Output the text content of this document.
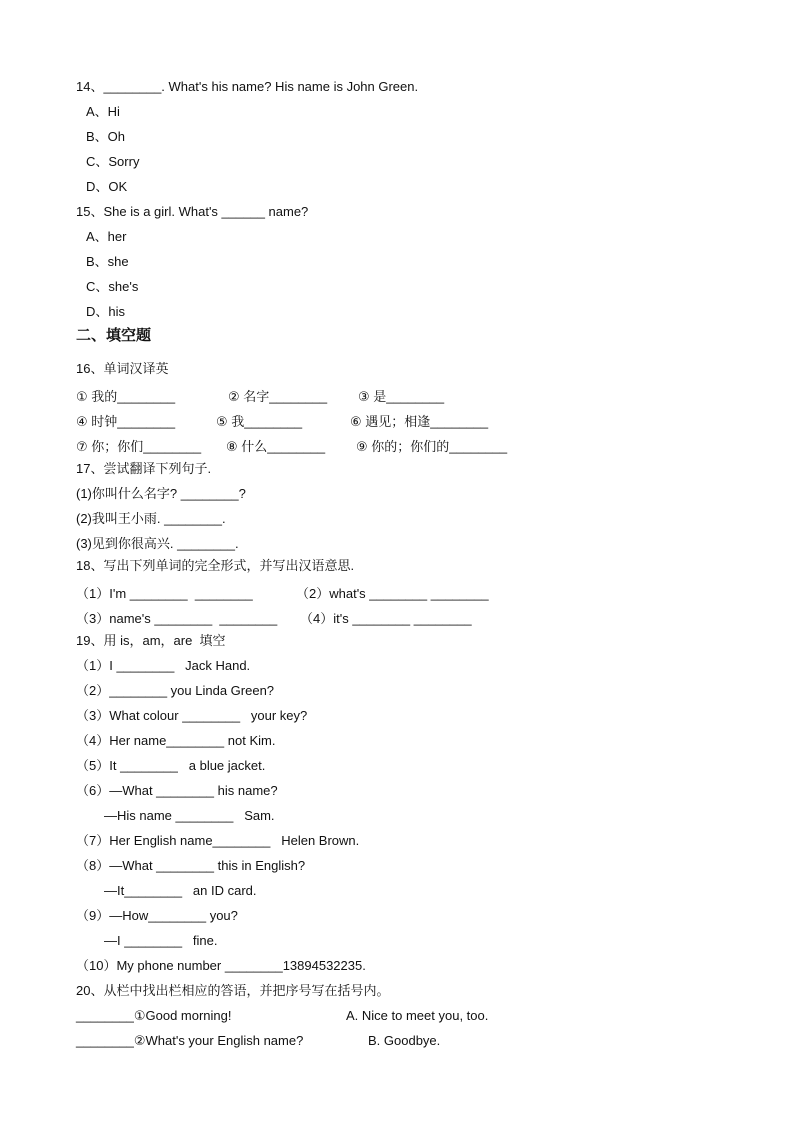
14、________. What's his name? His name is John Green.
A、Hi
B、Oh
C、Sorry
D、OK
15、She is a girl. What's ______ name?
A、her
B、she
C、she's
D、his
二、填空题
16、单词汉译英
① 我的________	② 名字________ ③ 是________
④ 时钟________	⑤ 我________	⑥ 遇见；相逢________
⑦ 你；你们________ ⑧ 什么________ ⑨ 你的；你们的________
17、尝试翻译下列句子.
(1)你叫什么名字? ________?
(2)我叫王小雨. ________.
(3)见到你很高兴. ________.
18、写出下列单词的完全形式，并写出汉语意思.
（1）I'm ________  ________	（2）what's ________ ________
（3）name's ________  ________ （4）it's ________ ________
19、用 is，am，are  填空
（1）I ________   Jack Hand.
（2）________ you Linda Green?
（3）What colour ________   your key?
（4）Her name________ not Kim.
（5）It ________   a blue jacket.
（6）—What ________ his name?
—His name ________   Sam.
（7）Her English name________   Helen Brown.
（8）—What ________ this in English?
—It________   an ID card.
（9）—How________ you?
—I ________   fine.
（10）My phone number ________13894532235.
20、从栏中找出栏相应的答语，并把序号写在括号内。
________①Good morning!	A. Nice to meet you, too.
________②What's your English name?	B. Goodbye.
